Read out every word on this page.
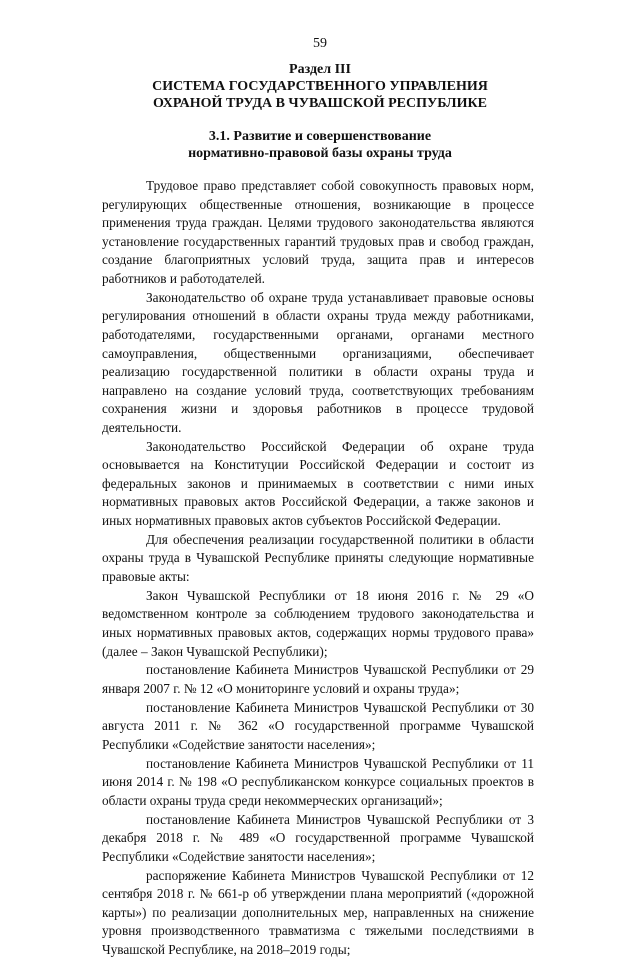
59
Раздел III
СИСТЕМА ГОСУДАРСТВЕННОГО УПРАВЛЕНИЯ
ОХРАНОЙ ТРУДА В ЧУВАШСКОЙ РЕСПУБЛИКЕ
3.1. Развитие и совершенствование
нормативно-правовой базы охраны труда

Трудовое право представляет собой совокупность правовых норм, регулирующих общественные отношения, возникающие в процессе применения труда граждан. Целями трудового законодательства являются установление государственных гарантий трудовых прав и свобод граждан, создание благоприятных условий труда, защита прав и интересов работников и работодателей.

Законодательство об охране труда устанавливает правовые основы регулирования отношений в области охраны труда между работниками, работодателями, государственными органами, органами местного самоуправления, общественными организациями, обеспечивает реализацию государственной политики в области охраны труда и направлено на создание условий труда, соответствующих требованиям сохранения жизни и здоровья работников в процессе трудовой деятельности.

Законодательство Российской Федерации об охране труда основывается на Конституции Российской Федерации и состоит из федеральных законов и принимаемых в соответствии с ними иных нормативных правовых актов Российской Федерации, а также законов и иных нормативных правовых актов субъектов Российской Федерации.

Для обеспечения реализации государственной политики в области охраны труда в Чувашской Республике приняты следующие нормативные правовые акты:

Закон Чувашской Республики от 18 июня 2016 г. № 29 «О ведомственном контроле за соблюдением трудового законодательства и иных нормативных правовых актов, содержащих нормы трудового права» (далее – Закон Чувашской Республики);

постановление Кабинета Министров Чувашской Республики от 29 января 2007 г. № 12 «О мониторинге условий и охраны труда»;

постановление Кабинета Министров Чувашской Республики от 30 августа 2011 г. № 362 «О государственной программе Чувашской Республики «Содействие занятости населения»;

постановление Кабинета Министров Чувашской Республики от 11 июня 2014 г. № 198 «О республиканском конкурсе социальных проектов в области охраны труда среди некоммерческих организаций»;

постановление Кабинета Министров Чувашской Республики от 3 декабря 2018 г. № 489 «О государственной программе Чувашской Республики «Содействие занятости населения»;

распоряжение Кабинета Министров Чувашской Республики от 12 сентября 2018 г. № 661-р об утверждении плана мероприятий («дорожной карты») по реализации дополнительных мер, направленных на снижение уровня производственного травматизма с тяжелыми последствиями в Чувашской Республике, на 2018–2019 годы;
